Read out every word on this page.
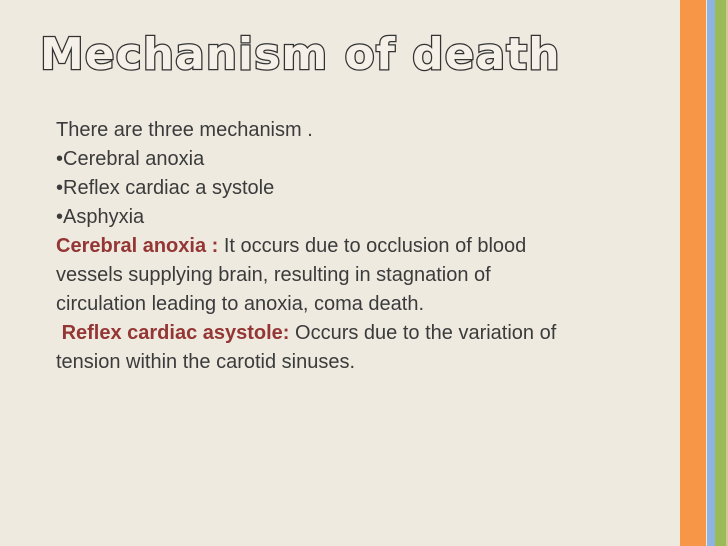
Mechanism of death
There are three mechanism .
•Cerebral anoxia
•Reflex cardiac a systole
•Asphyxia
Cerebral anoxia : It occurs due to occlusion of blood
vessels supplying brain, resulting in stagnation of
circulation leading to anoxia, coma death.
Reflex cardiac asystole: Occurs due to the variation of
tension within the carotid sinuses.
